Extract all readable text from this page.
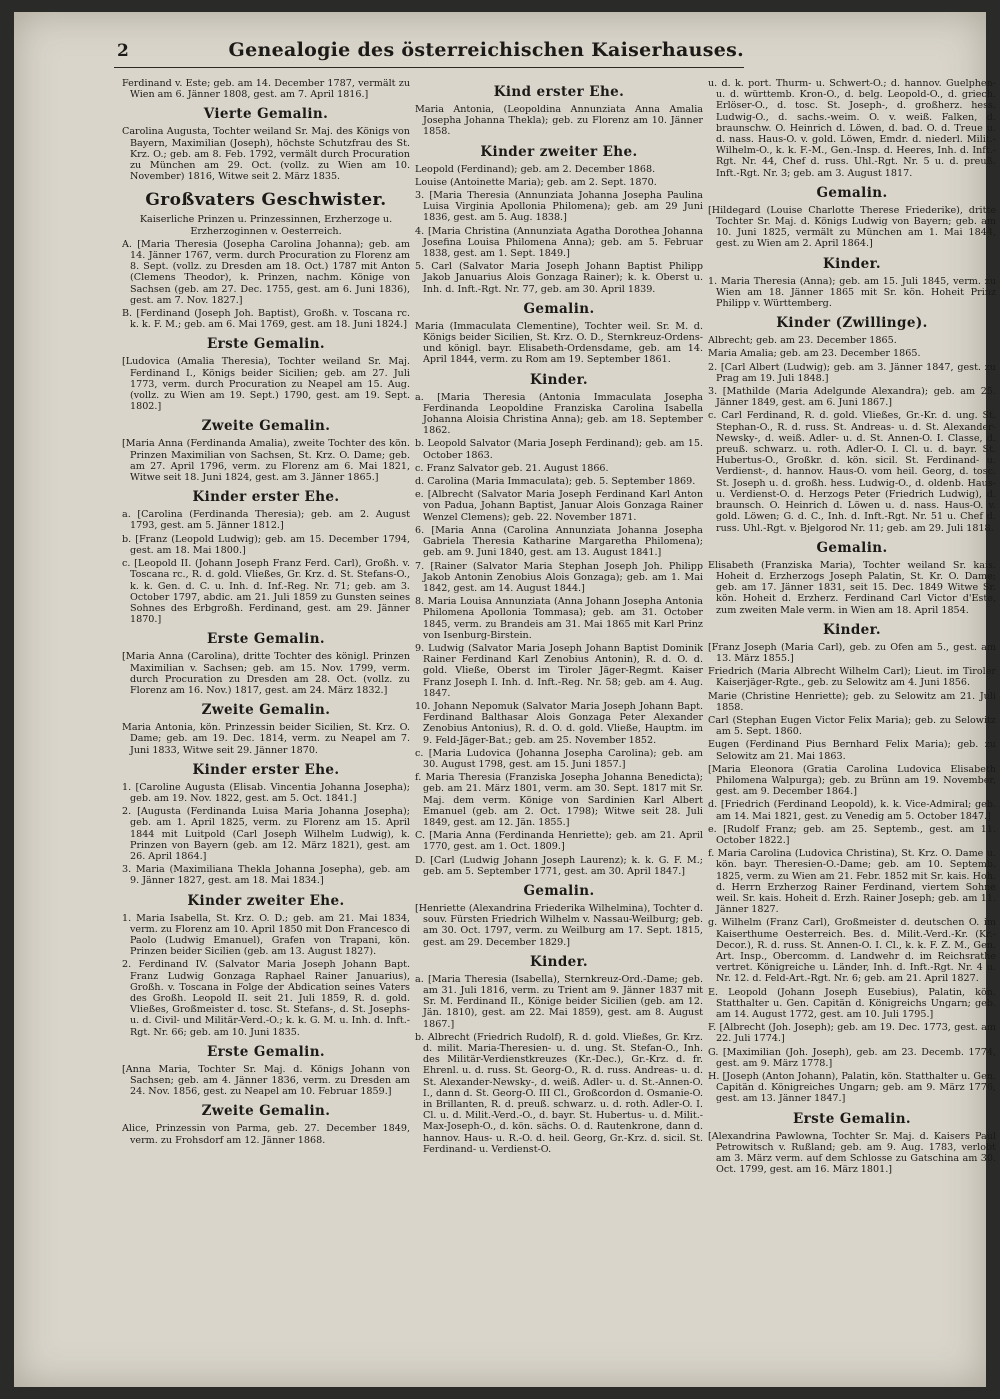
2	Genealogie des österreichischen Kaiserhauses.
Ferdinand v. Este; geb. am 14. December 1787, vermält zu Wien am 6. Jänner 1808, gest. am 7. April 1816.]
Vierte Gemalin.
Carolina Augusta, Tochter weiland Sr. Maj. des Königs von Bayern, Maximilian (Joseph), höchste Schutzfrau des St. Krz. O.; geb. am 8. Feb. 1792, vermält durch Procuration zu München am 29. Oct. (vollz. zu Wien am 10. November) 1816, Witwe seit 2. März 1835.
Großvaters Geschwister.
Kaiserliche Prinzen u. Prinzessinnen, Erzherzoge u. Erzherzoginnen v. Oesterreich.
A. [Maria Theresia (Josepha Carolina Johanna); geb. am 14. Jänner 1767, verm. durch Procuration zu Florenz am 8. Sept. (vollz. zu Dresden am 18. Oct.) 1787 mit Anton (Clemens Theodor), k. Prinzen, nachm. Könige von Sachsen (geb. am 27. Dec. 1755, gest. am 6. Juni 1836), gest. am 7. Nov. 1827.]
B. [Ferdinand (Joseph Joh. Baptist), Großh. v. Toscana rc. k. k. F. M.; geb. am 6. Mai 1769, gest. am 18. Juni 1824.]
Erste Gemalin.
[Ludovica (Amalia Theresia), Tochter weiland Sr. Maj. Ferdinand I., Königs beider Sicilien; geb. am 27. Juli 1773, verm. durch Procuration zu Neapel am 15. Aug. (vollz. zu Wien am 19. Sept.) 1790, gest. am 19. Sept. 1802.]
Zweite Gemalin.
[Maria Anna (Ferdinanda Amalia), zweite Tochter des kön. Prinzen Maximilian von Sachsen, St. Krz. O. Dame; geb. am 27. April 1796, verm. zu Florenz am 6. Mai 1821, Witwe seit 18. Juni 1824, gest. am 3. Jänner 1865.]
Kinder erster Ehe.
a. [Carolina (Ferdinanda Theresia); geb. am 2. August 1793, gest. am 5. Jänner 1812.]
b. [Franz (Leopold Ludwig); geb. am 15. December 1794, gest. am 18. Mai 1800.]
c. [Leopold II. (Johann Joseph Franz Ferd. Carl), Großh. v. Toscana rc., R. d. gold. Vließes, Gr. Krz. d. St. Stefans-O., k. k. Gen. d. C. u. Inh. d. Inf.-Reg. Nr. 71; geb. am 3. October 1797, abdic. am 21. Juli 1859 zu Gunsten seines Sohnes des Erbgroßh. Ferdinand, gest. am 29. Jänner 1870.]
Erste Gemalin.
[Maria Anna (Carolina), dritte Tochter des königl. Prinzen Maximilian v. Sachsen; geb. am 15. Nov. 1799, verm. durch Procuration zu Dresden am 28. Oct. (vollz. zu Florenz am 16. Nov.) 1817, gest. am 24. März 1832.]
Zweite Gemalin.
Maria Antonia, kön. Prinzessin beider Sicilien, St. Krz. O. Dame; geb. am 19. Dec. 1814, verm. zu Neapel am 7. Juni 1833, Witwe seit 29. Jänner 1870.
Kinder erster Ehe.
1. [Caroline Augusta (Elisab. Vincentia Johanna Josepha); geb. am 19. Nov. 1822, gest. am 5. Oct. 1841.]
2. [Augusta (Ferdinanda Luisa Maria Johanna Josepha); geb. am 1. April 1825, verm. zu Florenz am 15. April 1844 mit Luitpold (Carl Joseph Wilhelm Ludwig), k. Prinzen von Bayern (geb. am 12. März 1821), gest. am 26. April 1864.]
3. Maria (Maximiliana Thekla Johanna Josepha), geb. am 9. Jänner 1827, gest. am 18. Mai 1834.]
Kinder zweiter Ehe.
1. Maria Isabella, St. Krz. O. D.; geb. am 21. Mai 1834, verm. zu Florenz am 10. April 1850 mit Don Francesco di Paolo (Ludwig Emanuel), Grafen von Trapani, kön. Prinzen beider Sicilien (geb. am 13. August 1827).
2. Ferdinand IV. (Salvator Maria Joseph Johann Bapt. Franz Ludwig Gonzaga Raphael Rainer Januarius), Großh. v. Toscana in Folge der Abdication seines Vaters des Großh. Leopold II. seit 21. Juli 1859, R. d. gold. Vließes, Großmeister d. tosc. St. Stefans-, d. St. Josephs- u. d. Civil- und Militär-Verd.-O.; k. k. G. M. u. Inh. d. Inft.-Rgt. Nr. 66; geb. am 10. Juni 1835.
Erste Gemalin.
[Anna Maria, Tochter Sr. Maj. d. Königs Johann von Sachsen; geb. am 4. Jänner 1836, verm. zu Dresden am 24. Nov. 1856, gest. zu Neapel am 10. Februar 1859.]
Zweite Gemalin.
Alice, Prinzessin von Parma, geb. 27. December 1849, verm. zu Frohsdorf am 12. Jänner 1868.
Kind erster Ehe.
Maria Antonia, (Leopoldina Annunziata Anna Amalia Josepha Johanna Thekla); geb. zu Florenz am 10. Jänner 1858.
Kinder zweiter Ehe.
Leopold (Ferdinand); geb. am 2. December 1868.
Louise (Antoinette Maria); geb. am 2. Sept. 1870.
3. [Maria Theresia (Annunziata Johanna Josepha Paulina Luisa Virginia Apollonia Philomena); geb. am 29 Juni 1836, gest. am 5. Aug. 1838.]
4. [Maria Christina (Annunziata Agatha Dorothea Johanna Josefina Louisa Philomena Anna); geb. am 5. Februar 1838, gest. am 1. Sept. 1849.]
5. Carl (Salvator Maria Joseph Johann Baptist Philipp Jakob Januarius Alois Gonzaga Rainer); k. k. Oberst u. Inh. d. Inft.-Rgt. Nr. 77, geb. am 30. April 1839.
Gemalin.
Maria (Immaculata Clementine), Tochter weil. Sr. M. d. Königs beider Sicilien, St. Krz. O. D., Sternkreuz-Ordens- und königl. bayr. Elisabeth-Ordensdame, geb. am 14. April 1844, verm. zu Rom am 19. September 1861.
Kinder.
a. [Maria Theresia (Antonia Immaculata Josepha Ferdinanda Leopoldine Franziska Carolina Isabella Johanna Aloisia Christina Anna); geb. am 18. September 1862.
b. Leopold Salvator (Maria Joseph Ferdinand); geb. am 15. October 1863.
c. Franz Salvator geb. 21. August 1866.
d. Carolina (Maria Immaculata); geb. 5. September 1869.
e. [Albrecht (Salvator Maria Joseph Ferdinand Karl Anton von Padua, Johann Baptist, Januar Alois Gonzaga Rainer Wenzel Clemens); geb. 22. November 1871.
6. [Maria Anna (Carolina Annunziata Johanna Josepha Gabriela Theresia Katharine Margaretha Philomena); geb. am 9. Juni 1840, gest. am 13. August 1841.]
7. [Rainer (Salvator Maria Stephan Joseph Joh. Philipp Jakob Antonin Zenobius Alois Gonzaga); geb. am 1. Mai 1842, gest. am 14. August 1844.]
8. Maria Louisa Annunziata (Anna Johann Josepha Antonia Philomena Apollonia Tommasa); geb. am 31. October 1845, verm. zu Brandeis am 31. Mai 1865 mit Karl Prinz von Isenburg-Birstein.
9. Ludwig (Salvator Maria Joseph Johann Baptist Dominik Rainer Ferdinand Karl Zenobius Antonin), R. d. O. d. gold. Vließe, Oberst im Tiroler Jäger-Regmt. Kaiser Franz Joseph I. Inh. d. Inft.-Reg. Nr. 58; geb. am 4. Aug. 1847.
10. Johann Nepomuk (Salvator Maria Joseph Johann Bapt. Ferdinand Balthasar Alois Gonzaga Peter Alexander Zenobius Antonius), R. d. O. d. gold. Vließe, Hauptm. im 9. Feld-Jäger-Bat.; geb. am 25. November 1852.
c. [Maria Ludovica (Johanna Josepha Carolina); geb. am 30. August 1798, gest. am 15. Juni 1857.]
f. Maria Theresia (Franziska Josepha Johanna Benedicta); geb. am 21. März 1801, verm. am 30. Sept. 1817 mit Sr. Maj. dem verm. Könige von Sardinien Karl Albert Emanuel (geb. am 2. Oct. 1798); Witwe seit 28. Juli 1849, gest. am 12. Jän. 1855.]
C. [Maria Anna (Ferdinanda Henriette); geb. am 21. April 1770, gest. am 1. Oct. 1809.]
D. [Carl (Ludwig Johann Joseph Laurenz); k. k. G. F. M.; geb. am 5. September 1771, gest. am 30. April 1847.]
Gemalin.
[Henriette (Alexandrina Friederika Wilhelmina), Tochter d. souv. Fürsten Friedrich Wilhelm v. Nassau-Weilburg; geb. am 30. Oct. 1797, verm. zu Weilburg am 17. Sept. 1815, gest. am 29. December 1829.]
Kinder.
a. [Maria Theresia (Isabella), Sternkreuz-Ord.-Dame; geb. am 31. Juli 1816, verm. zu Trient am 9. Jänner 1837 mit Sr. M. Ferdinand II., Könige beider Sicilien (geb. am 12. Jän. 1810), gest. am 22. Mai 1859), gest. am 8. August 1867.]
b. Albrecht (Friedrich Rudolf), R. d. gold. Vließes, Gr. Krz. d. milit. Maria-Theresien- u. d. ung. St. Stefan-O., Inh. des Militär-Verdienstkreuzes (Kr.-Dec.), Gr.-Krz. d. fr. Ehrenl. u. d. russ. St. Georg-O., R. d. russ. Andreas- u. d. St. Alexander-Newsky-, d. weiß. Adler- u. d. St.-Annen-O. I., dann d. St. Georg-O. III Cl., Großcordon d. Osmanie-O. in Brillanten, R. d. preuß. schwarz. u. d. roth. Adler-O. I. Cl. u. d. Milit.-Verd.-O., d. bayr. St. Hubertus- u. d. Milit.-Max-Joseph-O., d. kön. sächs. O. d. Rautenkrone, dann d. hannov. Haus- u. R.-O. d. heil. Georg, Gr.-Krz. d. sicil. St. Ferdinand- u. Verdienst-O.
u. d. k. port. Thurm- u. Schwert-O.; d. hannov. Guelphen- u. d. württemb. Kron-O., d. belg. Leopold-O., d. griech. Erlöser-O., d. tosc. St. Joseph-, d. großherz. hess. Ludwig-O., d. sachs.-weim. O. v. weiß. Falken, d. braunschw. O. Heinrich d. Löwen, d. bad. O. d. Treue u. d. nass. Haus-O. v. gold. Löwen, Emdr. d. niederl. Milit.-Wilhelm-O., k. k. F.-M., Gen.-Insp. d. Heeres, Inh. d. Inft.-Rgt. Nr. 44, Chef d. russ. Uhl.-Rgt. Nr. 5 u. d. preuß. Inft.-Rgt. Nr. 3; geb. am 3. August 1817.
Gemalin.
[Hildegard (Louise Charlotte Therese Friederike), dritte Tochter Sr. Maj. d. Königs Ludwig von Bayern; geb. am 10. Juni 1825, vermält zu München am 1. Mai 1844, gest. zu Wien am 2. April 1864.]
Kinder.
1. Maria Theresia (Anna); geb. am 15. Juli 1845, verm. zu Wien am 18. Jänner 1865 mit Sr. kön. Hoheit Prinz Philipp v. Württemberg.
Kinder (Zwillinge).
Albrecht; geb. am 23. December 1865.
Maria Amalia; geb. am 23. December 1865.
2. [Carl Albert (Ludwig); geb. am 3. Jänner 1847, gest. zu Prag am 19. Juli 1848.]
3. [Mathilde (Maria Adelgunde Alexandra); geb. am 25. Jänner 1849, gest. am 6. Juni 1867.]
c. Carl Ferdinand, R. d. gold. Vließes, Gr.-Kr. d. ung. St. Stephan-O., R. d. russ. St. Andreas- u. d. St. Alexander-Newsky-, d. weiß. Adler- u. d. St. Annen-O. I. Classe, d. preuß. schwarz. u. roth. Adler-O. I. Cl. u. d. bayr. St. Hubertus-O., Großkr. d. kön. sicil. St. Ferdinand- u. Verdienst-, d. hannov. Haus-O. vom heil. Georg, d. tosc. St. Joseph u. d. großh. hess. Ludwig-O., d. oldenb. Haus- u. Verdienst-O. d. Herzogs Peter (Friedrich Ludwig), d. braunsch. O. Heinrich d. Löwen u. d. nass. Haus-O. v. gold. Löwen; G. d. C., Inh. d. Inft.-Rgt. Nr. 51 u. Chef d. russ. Uhl.-Rgt. v. Bjelgorod Nr. 11; geb. am 29. Juli 1818.
Gemalin.
Elisabeth (Franziska Maria), Tochter weiland Sr. kais. Hoheit d. Erzherzogs Joseph Palatin, St. Kr. O. Dame; geb. am 17. Jänner 1831, seit 15. Dec. 1849 Witwe Sr. kön. Hoheit d. Erzherz. Ferdinand Carl Victor d'Este, zum zweiten Male verm. in Wien am 18. April 1854.
Kinder.
[Franz Joseph (Maria Carl), geb. zu Ofen am 5., gest. am 13. März 1855.]
Friedrich (Maria Albrecht Wilhelm Carl); Lieut. im Tiroler Kaiserjäger-Rgte., geb. zu Selowitz am 4. Juni 1856.
Marie (Christine Henriette); geb. zu Selowitz am 21. Juli 1858.
Carl (Stephan Eugen Victor Felix Maria); geb. zu Selowitz am 5. Sept. 1860.
Eugen (Ferdinand Pius Bernhard Felix Maria); geb. zu Selowitz am 21. Mai 1863.
[Maria Eleonora (Gratia Carolina Ludovica Elisabeth Philomena Walpurga); geb. zu Brünn am 19. November, gest. am 9. December 1864.]
d. [Friedrich (Ferdinand Leopold), k. k. Vice-Admiral; geb. am 14. Mai 1821, gest. zu Venedig am 5. October 1847.]
e. [Rudolf Franz; geb. am 25. Septemb., gest. am 11. October 1822.]
f. Maria Carolina (Ludovica Christina), St. Krz. O. Dame u. kön. bayr. Theresien-O.-Dame; geb. am 10. Septemb. 1825, verm. zu Wien am 21. Febr. 1852 mit Sr. kais. Hoh. d. Herrn Erzherzog Rainer Ferdinand, viertem Sohne weil. Sr. kais. Hoheit d. Erzh. Rainer Joseph; geb. am 11. Jänner 1827.
g. Wilhelm (Franz Carl), Großmeister d. deutschen O. im Kaiserthume Oesterreich. Bes. d. Milit.-Verd.-Kr. (Kr.-Decor.), R. d. russ. St. Annen-O. I. Cl., k. k. F. Z. M., Gen. Art. Insp., Obercomm. d. Landwehr d. im Reichsrathe vertret. Königreiche u. Länder, Inh. d. Inft.-Rgt. Nr. 4 u. Nr. 12. d. Feld-Art.-Rgt. Nr. 6; geb. am 21. April 1827.
E. Leopold (Johann Joseph Eusebius), Palatin, kön. Statthalter u. Gen. Capitän d. Königreichs Ungarn; geb. am 14. August 1772, gest. am 10. Juli 1795.]
F. [Albrecht (Joh. Joseph); geb. am 19. Dec. 1773, gest. am 22. Juli 1774.]
G. [Maximilian (Joh. Joseph), geb. am 23. Decemb. 1774, gest. am 9. März 1778.]
H. [Joseph (Anton Johann), Palatin, kön. Statthalter u. Gen. Capitän d. Königreiches Ungarn; geb. am 9. März 1776, gest. am 13. Jänner 1847.]
Erste Gemalin.
[Alexandrina Pawlowna, Tochter Sr. Maj. d. Kaisers Paul Petrowitsch v. Rußland; geb. am 9. Aug. 1783, verlobt am 3. März verm. auf dem Schlosse zu Gatschina am 30. Oct. 1799, gest. am 16. März 1801.]
